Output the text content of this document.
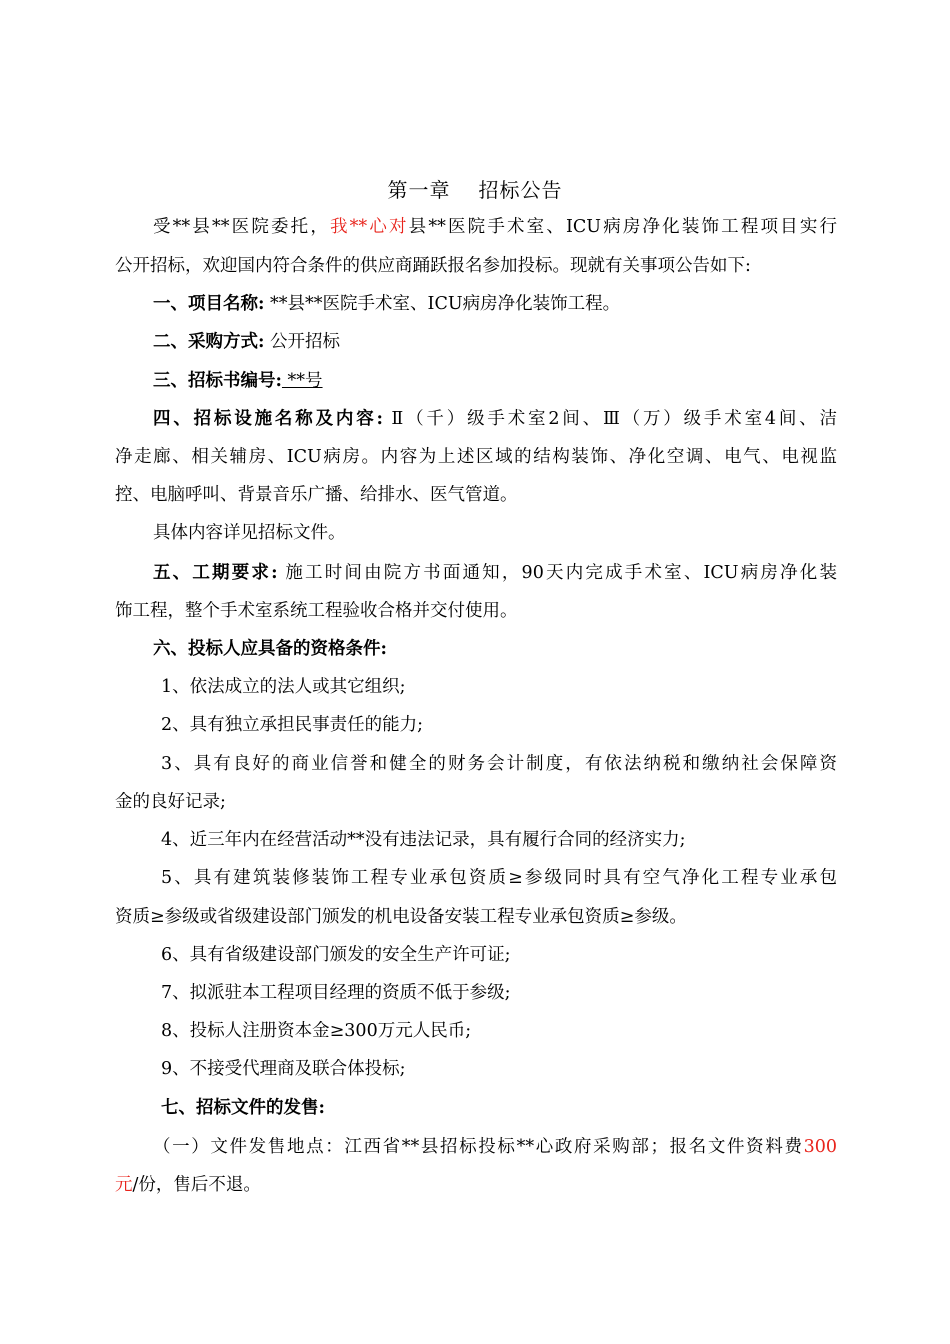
第一章 招标公告
受**县**医院委托，我**心对县**医院手术室、ICU病房净化装饰工程项目实行
公开招标，欢迎国内符合条件的供应商踊跃报名参加投标。现就有关事项公告如下:
一、项目名称: **县**医院手术室、ICU病房净化装饰工程。
二、采购方式: 公开招标
三、招标书编号: **号
四、招标设施名称及内容: Ⅱ（千）级手术室2间、Ⅲ（万）级手术室4间、洁
净走廊、相关辅房、ICU病房。内容为上述区域的结构装饰、净化空调、电气、电视监
控、电脑呼叫、背景音乐广播、给排水、医气管道。
具体内容详见招标文件。
五、工期要求: 施工时间由院方书面通知，90天内完成手术室、ICU病房净化装
饰工程，整个手术室系统工程验收合格并交付使用。
六、投标人应具备的资格条件:
1、依法成立的法人或其它组织;
2、具有独立承担民事责任的能力;
3、具有良好的商业信誉和健全的财务会计制度，有依法纳税和缴纳社会保障资
金的良好记录;
4、近三年内在经营活动**没有违法记录，具有履行合同的经济实力;
5、具有建筑装修装饰工程专业承包资质≥参级同时具有空气净化工程专业承包
资质≥参级或省级建设部门颁发的机电设备安装工程专业承包资质≥参级。
6、具有省级建设部门颁发的安全生产许可证;
7、拟派驻本工程项目经理的资质不低于参级;
8、投标人注册资本金≥300万元人民币;
9、不接受代理商及联合体投标;
七、招标文件的发售:
（一）文件发售地点：江西省**县招标投标**心政府采购部；报名文件资料费300
元/份，售后不退。
